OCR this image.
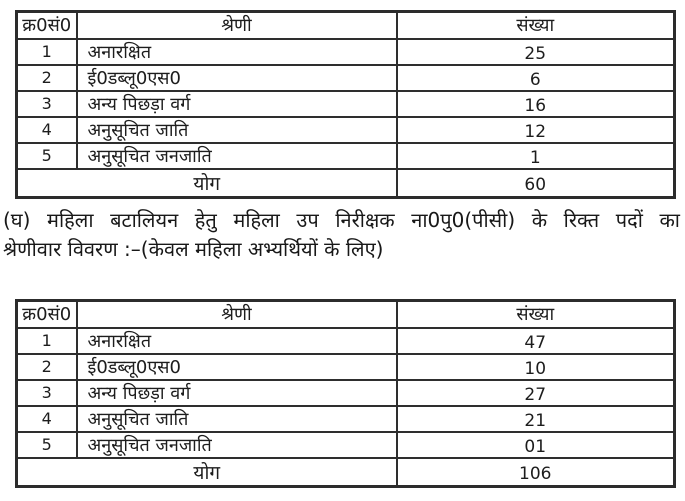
क्र0सं0	श्रेणी	संख्या
1	अनारक्षित	25
2	ई0डब्लू0एस0	6
3	अन्य पिछड़ा वर्ग	16
4	अनुसूचित जाति	12
5	अनुसूचित जनजाति	1
योग		60

(घ) महिला बटालियन हेतु महिला उप निरीक्षक ना0पु0(पीसी) के रिक्त पदों का
श्रेणीवार विवरण :–(केवल महिला अभ्यर्थियों के लिए)

क्र0सं0	श्रेणी	संख्या
1	अनारक्षित	47
2	ई0डब्लू0एस0	10
3	अन्य पिछड़ा वर्ग	27
4	अनुसूचित जाति	21
5	अनुसूचित जनजाति	01
योग		106
